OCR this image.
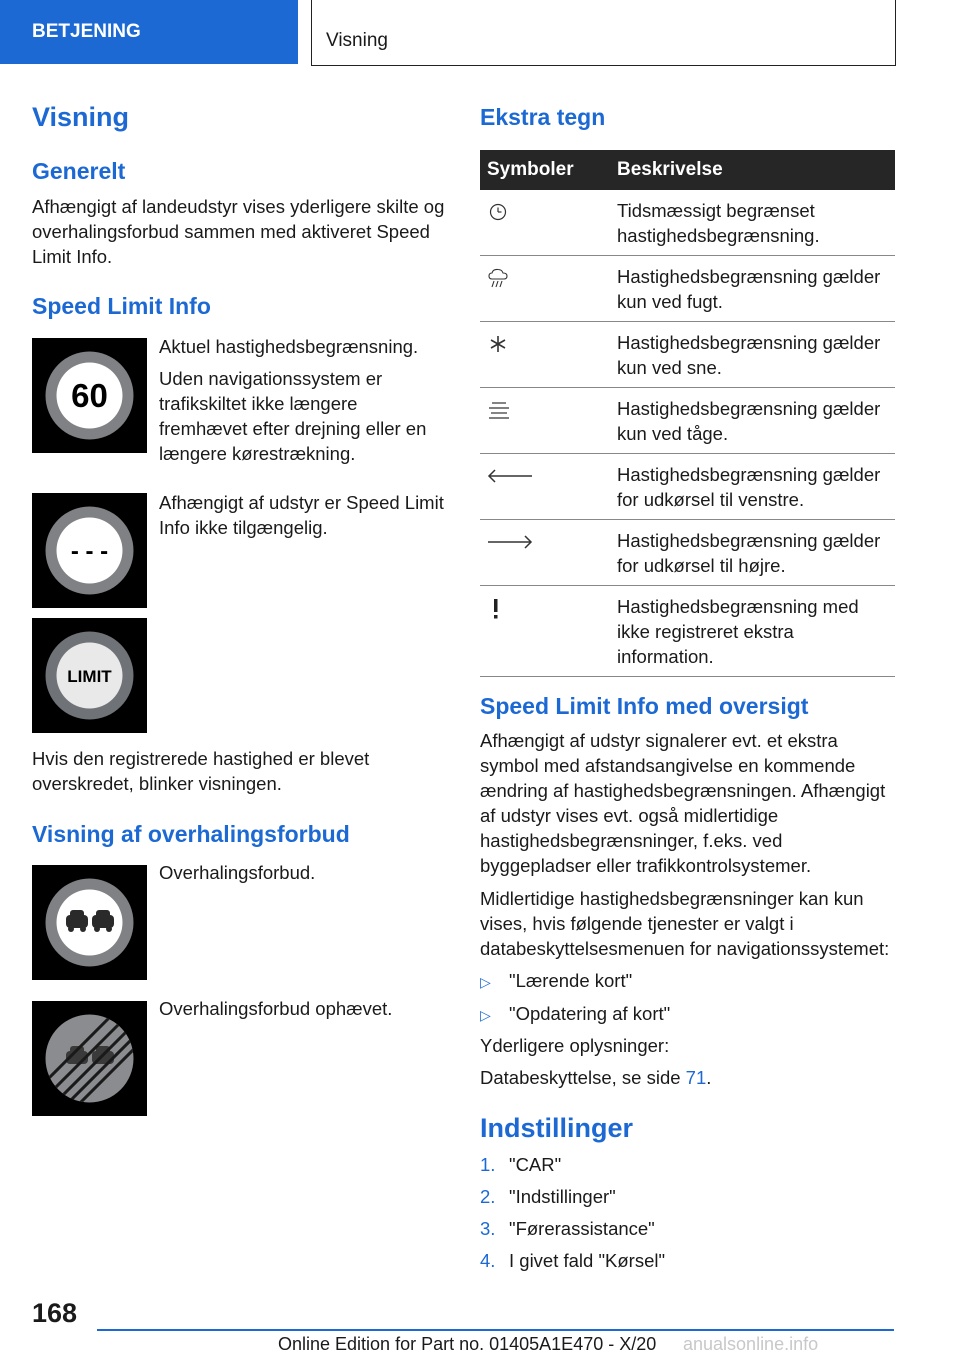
BETJENING	Visning
Visning
Generelt
Afhængigt af landeudstyr vises yderligere skilte og overhalingsforbud sammen med aktiveret Speed Limit Info.
Speed Limit Info
60
Aktuel hastighedsbegrænsning.
Uden navigationssystem er trafikskiltet ikke længere fremhævet efter drejning eller en længere kørestrækning.
- - -
Afhængigt af udstyr er Speed Limit Info ikke tilgængelig.
LIMIT
Hvis den registrerede hastighed er blevet overskredet, blinker visningen.
Visning af overhalingsforbud
Overhalingsforbud.
Overhalingsforbud ophævet.
Ekstra tegn
Symboler	Beskrivelse
	Tidsmæssigt begrænset hastighedsbegrænsning.
	Hastighedsbegrænsning gælder kun ved fugt.
	Hastighedsbegrænsning gælder kun ved sne.
	Hastighedsbegrænsning gælder kun ved tåge.
	Hastighedsbegrænsning gælder for udkørsel til venstre.
	Hastighedsbegrænsning gælder for udkørsel til højre.
	Hastighedsbegrænsning med ikke registreret ekstra information.
Speed Limit Info med oversigt
Afhængigt af udstyr signalerer evt. et ekstra symbol med afstandsangivelse en kommende ændring af hastighedsbegrænsningen. Afhængigt af udstyr vises evt. også midlertidige hastighedsbegrænsninger, f.eks. ved byggepladser eller trafikkontrolsystemer.
Midlertidige hastighedsbegrænsninger kan kun vises, hvis følgende tjenester er valgt i databeskyttelsesmenuen for navigationssystemet:
▷ "Lærende kort"
▷ "Opdatering af kort"
Yderligere oplysninger:
Databeskyttelse, se side 71.
Indstillinger
1. "CAR"
2. "Indstillinger"
3. "Førerassistance"
4. I givet fald "Kørsel"
168
Online Edition for Part no. 01405A1E470 - X/20 anualsonline.info
